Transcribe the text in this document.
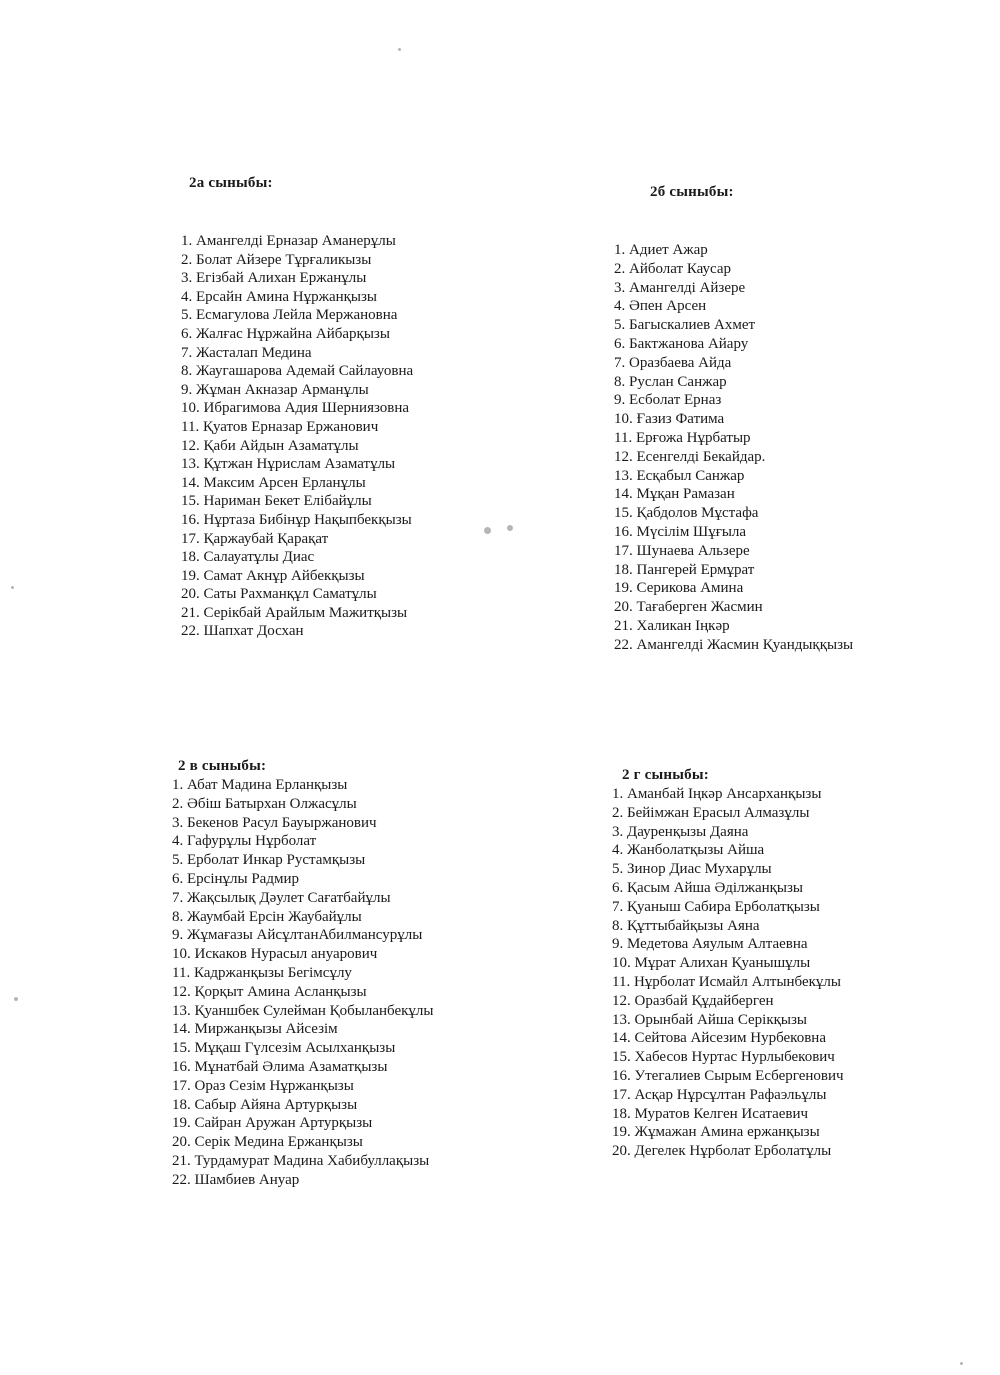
2а сыныбы:
1. Амангелді Ерназар Аманерұлы
2. Болат Айзере Тұрғаликызы
3. Егізбай Алихан Ержанұлы
4. Ерсайн Амина Нұржанқызы
5. Есмагулова Лейла Мержановна
6. Жалғас Нұржайна Айбарқызы
7. Жасталап Медина
8. Жаугашарова Адемай Сайлауовна
9. Жұман Акназар Арманұлы
10. Ибрагимова Адия Шерниязовна
11. Қуатов Ерназар Ержанович
12. Қаби Айдын Азаматұлы
13. Құтжан Нұрислам Азаматұлы
14. Максим Арсен Ерланұлы
15. Нариман Бекет Елібайұлы
16. Нұртаза Бибінұр Нақыпбекқызы
17. Қаржаубай Қарақат
18. Салауатұлы Диас
19. Самат Акнұр Айбекқызы
20. Саты Рахманқұл Саматұлы
21. Серікбай Арайлым Мажитқызы
22. Шапхат Досхан
2б сыныбы:
1. Адиет Ажар
2. Айболат Каусар
3. Амангелді Айзере
4. Әпен Арсен
5. Багыскалиев Ахмет
6. Бактжанова Айару
7. Оразбаева Айда
8. Руслан Санжар
9. Есболат Ерназ
10. Ғазиз Фатима
11. Ерғожа Нұрбатыр
12. Есенгелді Бекайдар.
13. Есқабыл Санжар
14. Мұқан Рамазан
15. Қабдолов Мұстафа
16. Мүсілім Шұғыла
17. Шунаева Альзере
18. Пангерей Ермұрат
19. Серикова Амина
20. Тағаберген Жасмин
21. Халикан Іңкәр
22. Амангелді Жасмин Қуандыққызы
2 в сыныбы:
1. Абат Мадина Ерланқызы
2. Әбіш Батырхан Олжасұлы
3. Бекенов Расул Бауыржанович
4. Гафурұлы Нұрболат
5. Ерболат Инкар Рустамқызы
6. Ерсінұлы Радмир
7. Жақсылық Дәулет Сағатбайұлы
8. Жаумбай Ерсін Жаубайұлы
9. Жұмағазы АйсұлтанАбилмансурұлы
10. Искаков Нурасыл ануарович
11. Кадржанқызы Бегімсұлу
12. Қорқыт Амина Асланқызы
13. Қуаншбек Сулейман Қобыланбекұлы
14. Миржанқызы Айсезім
15. Мұқаш Гүлсезім Асылханқызы
16. Мұнатбай Әлима Азаматқызы
17. Ораз Сезім Нұржанқызы
18. Сабыр Айяна Артурқызы
19. Сайран Аружан Артурқызы
20. Серік Медина Ержанқызы
21. Турдамурат Мадина Хабибуллақызы
22. Шамбиев Ануар
2 г сыныбы:
1. Аманбай Іңкәр Ансарханқызы
2. Бейімжан Ерасыл Алмазұлы
3. Дауренқызы Даяна
4. Жанболатқызы Айша
5. Зинор Диас Мухарұлы
6. Қасым Айша Әділжанқызы
7. Қуаныш Сабира Ерболатқызы
8. Құттыбайқызы Аяна
9. Медетова Аяулым Алтаевна
10. Мұрат Алихан Қуанышұлы
11. Нұрболат Исмайл Алтынбекұлы
12. Оразбай Құдайберген
13. Орынбай Айша Серікқызы
14. Сейтова Айсезим Нурбековна
15. Хабесов Нуртас Нурлыбекович
16. Утегалиев Сырым Есбергенович
17. Асқар Нұрсұлтан Рафаэльұлы
18. Муратов Келген Исатаевич
19. Жұмажан Амина ержанқызы
20. Дегелек Нұрболат Ерболатұлы
